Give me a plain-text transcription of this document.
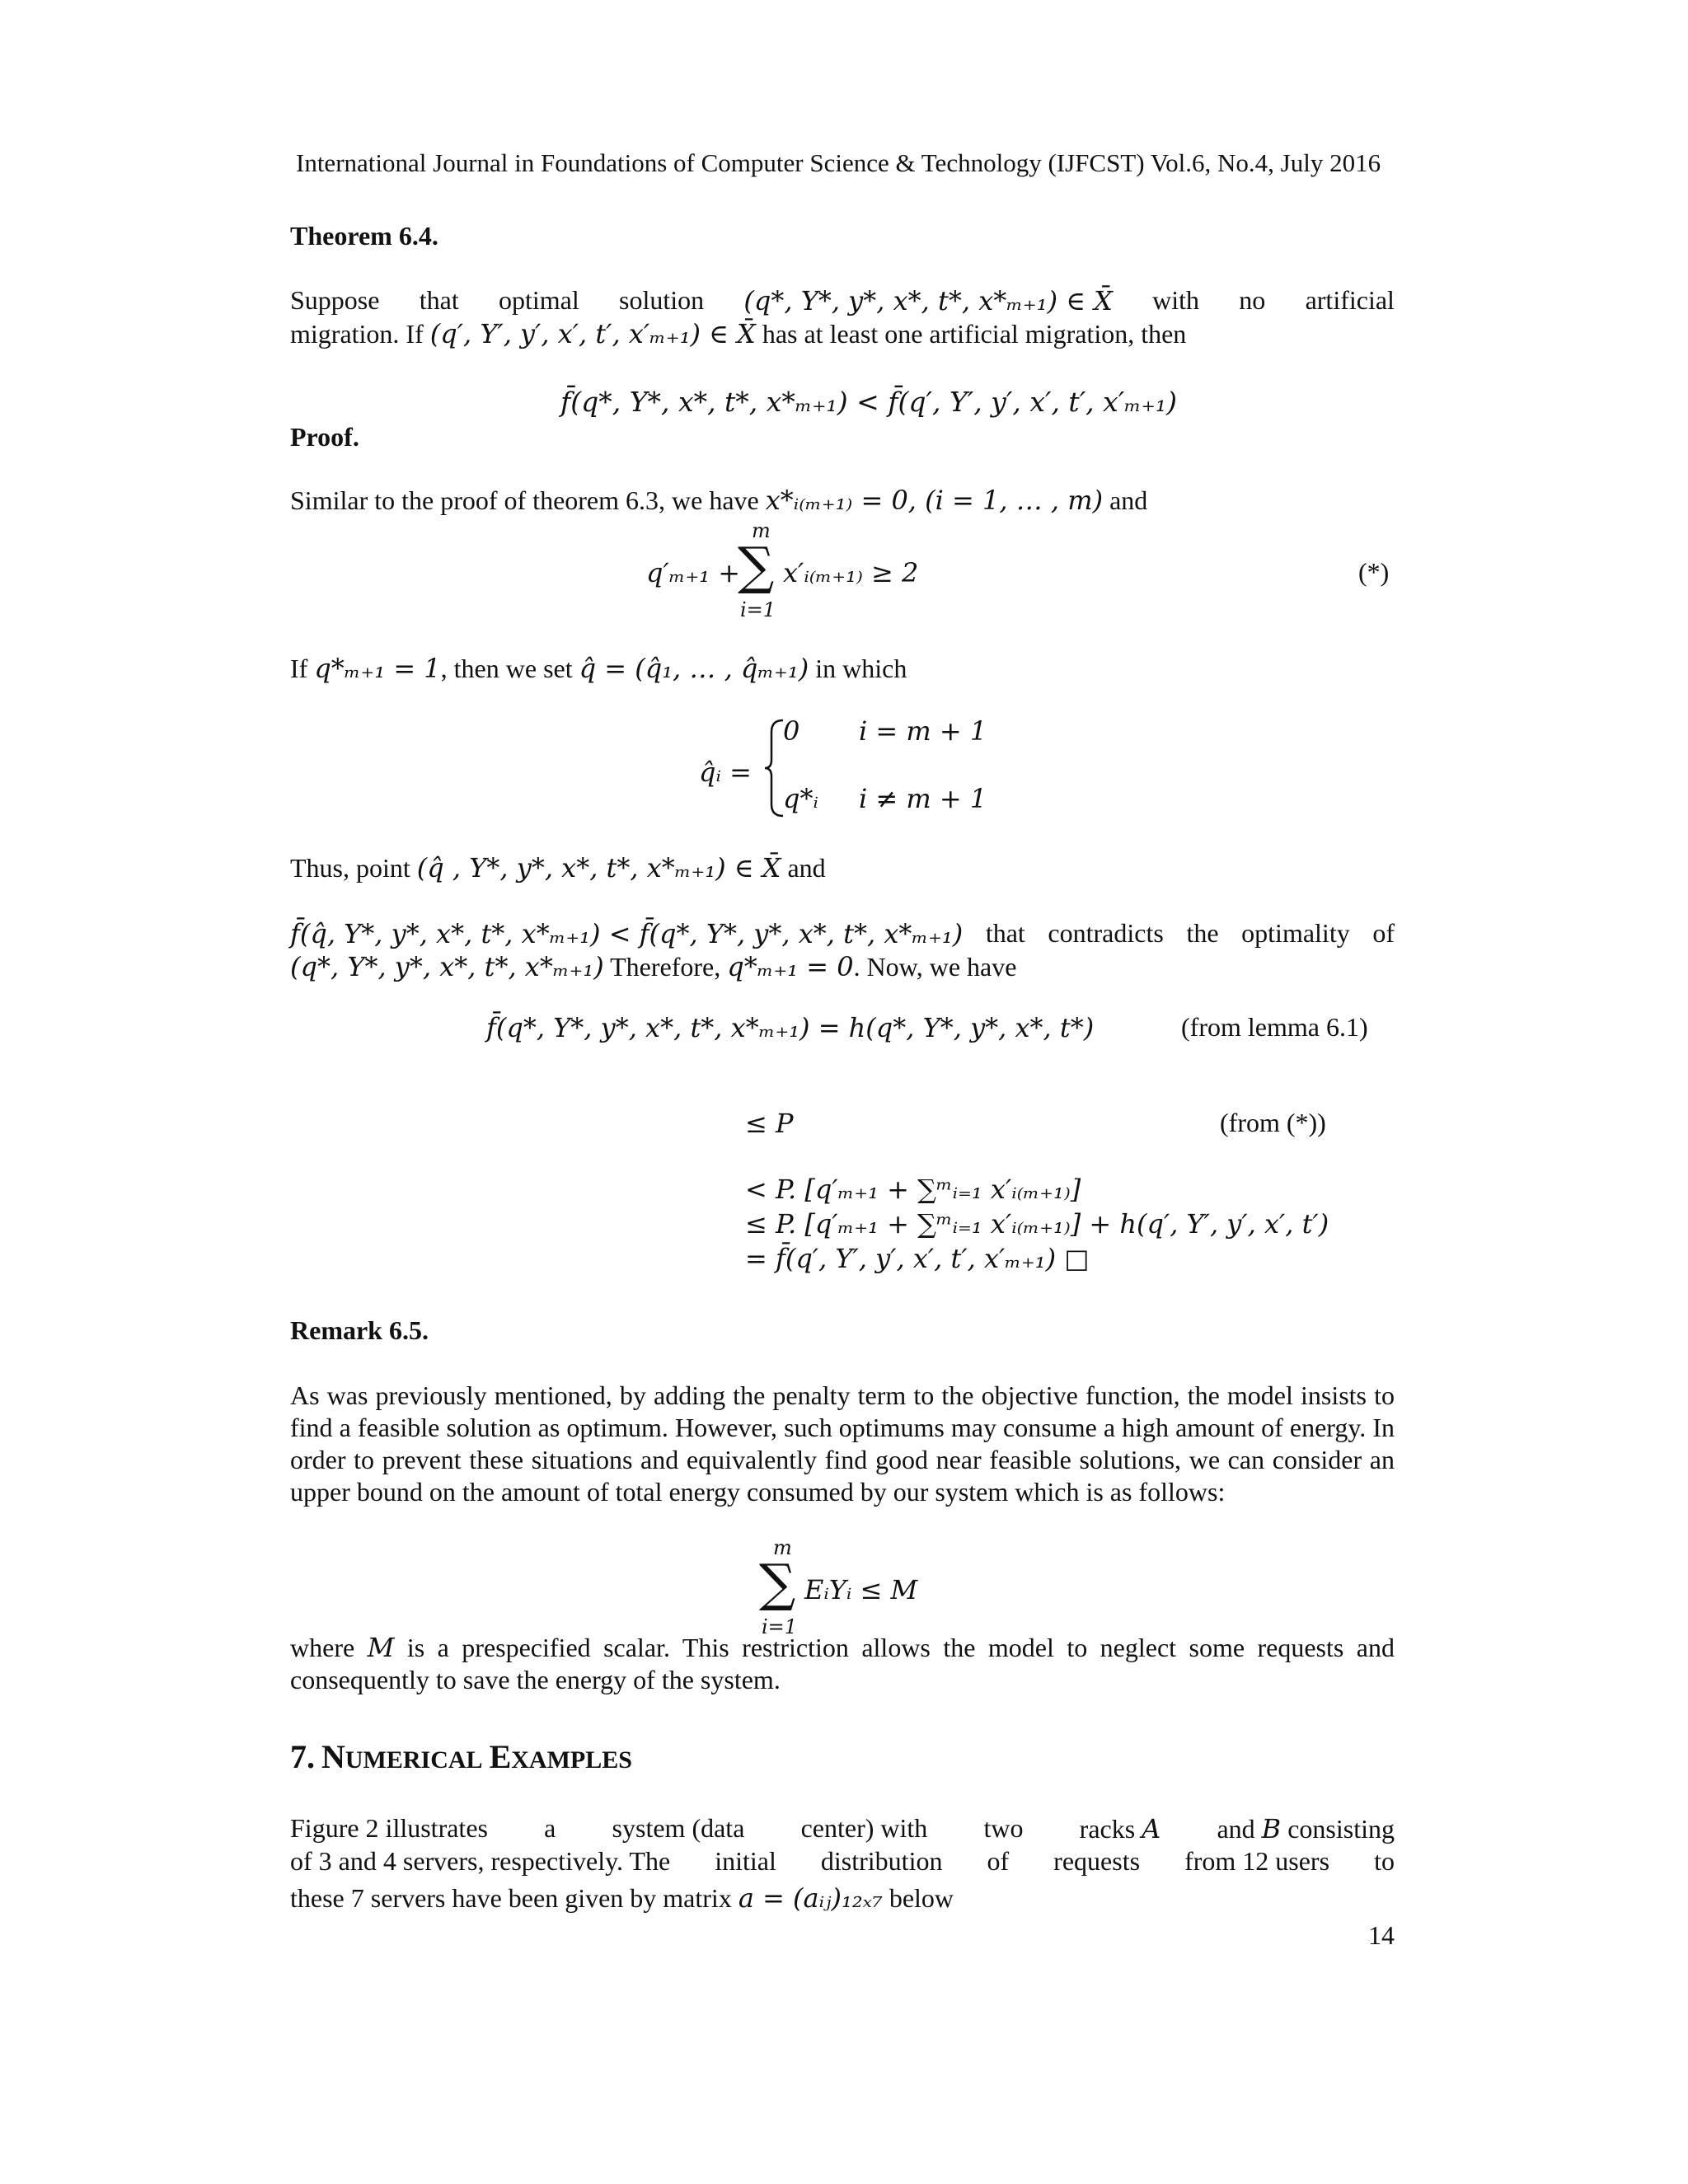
International Journal in Foundations of Computer Science & Technology (IJFCST) Vol.6, No.4, July 2016
Theorem 6.4.
Suppose that optimal solution (q*, Y*, y*, x*, t*, x*ₘ₊₁) ∈ X̄ with no artificial
migration. If (q′, Y′, y′, x′, t′, x′ₘ₊₁) ∈ X̄ has at least one artificial migration, then
f̄(q*, Y*, x*, t*, x*ₘ₊₁) < f̄(q′, Y′, y′, x′, t′, x′ₘ₊₁)
Proof.
Similar to the proof of theorem 6.3, we have x*ᵢ₍ₘ₊₁₎ = 0, (i = 1, … , m) and
m
q′ₘ₊₁ +
∑ x′ᵢ₍ₘ₊₁₎ ≥ 2
i=1
(*)
If q*ₘ₊₁ = 1, then we set q̂ = (q̂₁, … , q̂ₘ₊₁) in which
q̂ᵢ =
0 i = m + 1
q*ᵢ i ≠ m + 1
Thus, point (q̂ , Y*, y*, x*, t*, x*ₘ₊₁) ∈ X̄ and
f̄(q̂, Y*, y*, x*, t*, x*ₘ₊₁) < f̄(q*, Y*, y*, x*, t*, x*ₘ₊₁) that contradicts the optimality of
(q*, Y*, y*, x*, t*, x*ₘ₊₁) Therefore, q*ₘ₊₁ = 0. Now, we have
f̄(q*, Y*, y*, x*, t*, x*ₘ₊₁) = h(q*, Y*, y*, x*, t*)	(from lemma 6.1)
≤ P	(from (*))
< P. [q′ₘ₊₁ + ∑ᵐᵢ₌₁ x′ᵢ₍ₘ₊₁₎]
≤ P. [q′ₘ₊₁ + ∑ᵐᵢ₌₁ x′ᵢ₍ₘ₊₁₎] + h(q′, Y′, y′, x′, t′)
= f̄(q′, Y′, y′, x′, t′, x′ₘ₊₁) □
Remark 6.5.
As was previously mentioned, by adding the penalty term to the objective function, the model insists to find a feasible solution as optimum. However, such optimums may consume a high amount of energy. In order to prevent these situations and equivalently find good near feasible solutions, we can consider an upper bound on the amount of total energy consumed by our system which is as follows:
m
∑ EᵢYᵢ ≤ M
i=1
where M is a prespecified scalar. This restriction allows the model to neglect some requests and consequently to save the energy of the system.
7. NUMERICAL EXAMPLES
Figure 2 illustrates a system (data center) with two racks A and B consisting
of 3 and 4 servers, respectively. The initial distribution of requests from 12 users to
these 7 servers have been given by matrix a = (aᵢⱼ)₁₂ₓ₇ below
14
